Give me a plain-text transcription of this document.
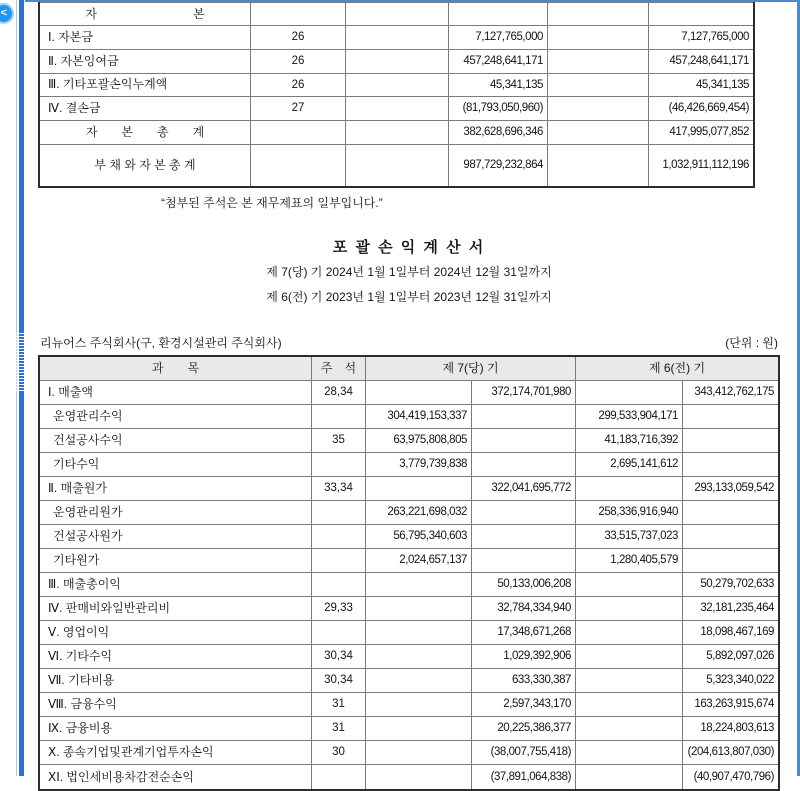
<	자　　　　　　　　본
Ⅰ. 자본금	26	7,127,765,000	7,127,765,000
Ⅱ. 자본잉여금	26	457,248,641,171	457,248,641,171
Ⅲ. 기타포괄손익누계액	26	45,341,135	45,341,135
Ⅳ. 결손금	27	(81,793,050,960)	(46,426,669,454)
자　　본　　총　　계	382,628,696,346	417,995,077,852
부 채 와 자 본 총 계	987,729,232,864	1,032,911,112,196
“첨부된 주석은 본 재무제표의 일부입니다.”
포 괄 손 익 계 산 서
제 7(당) 기 2024년 1월 1일부터 2024년 12월 31일까지
제 6(전) 기 2023년 1월 1일부터 2023년 12월 31일까지
리뉴어스 주식회사(구, 환경시설관리 주식회사)	(단위 : 원)
과　　목	주　석	제 7(당) 기	제 6(전) 기
Ⅰ. 매출액	28,34	372,174,701,980	343,412,762,175
운영관리수익	304,419,153,337	299,533,904,171
건설공사수익	35	63,975,808,805	41,183,716,392
기타수익	3,779,739,838	2,695,141,612
Ⅱ. 매출원가	33,34	322,041,695,772	293,133,059,542
운영관리원가	263,221,698,032	258,336,916,940
건설공사원가	56,795,340,603	33,515,737,023
기타원가	2,024,657,137	1,280,405,579
Ⅲ. 매출총이익	50,133,006,208	50,279,702,633
Ⅳ. 판매비와일반관리비	29,33	32,784,334,940	32,181,235,464
Ⅴ. 영업이익	17,348,671,268	18,098,467,169
Ⅵ. 기타수익	30,34	1,029,392,906	5,892,097,026
Ⅶ. 기타비용	30,34	633,330,387	5,323,340,022
Ⅷ. 금융수익	31	2,597,343,170	163,263,915,674
Ⅸ. 금융비용	31	20,225,386,377	18,224,803,613
Ⅹ. 종속기업및관계기업투자손익	30	(38,007,755,418)	(204,613,807,030)
ⅩⅠ. 법인세비용차감전순손익	(37,891,064,838)	(40,907,470,796)
